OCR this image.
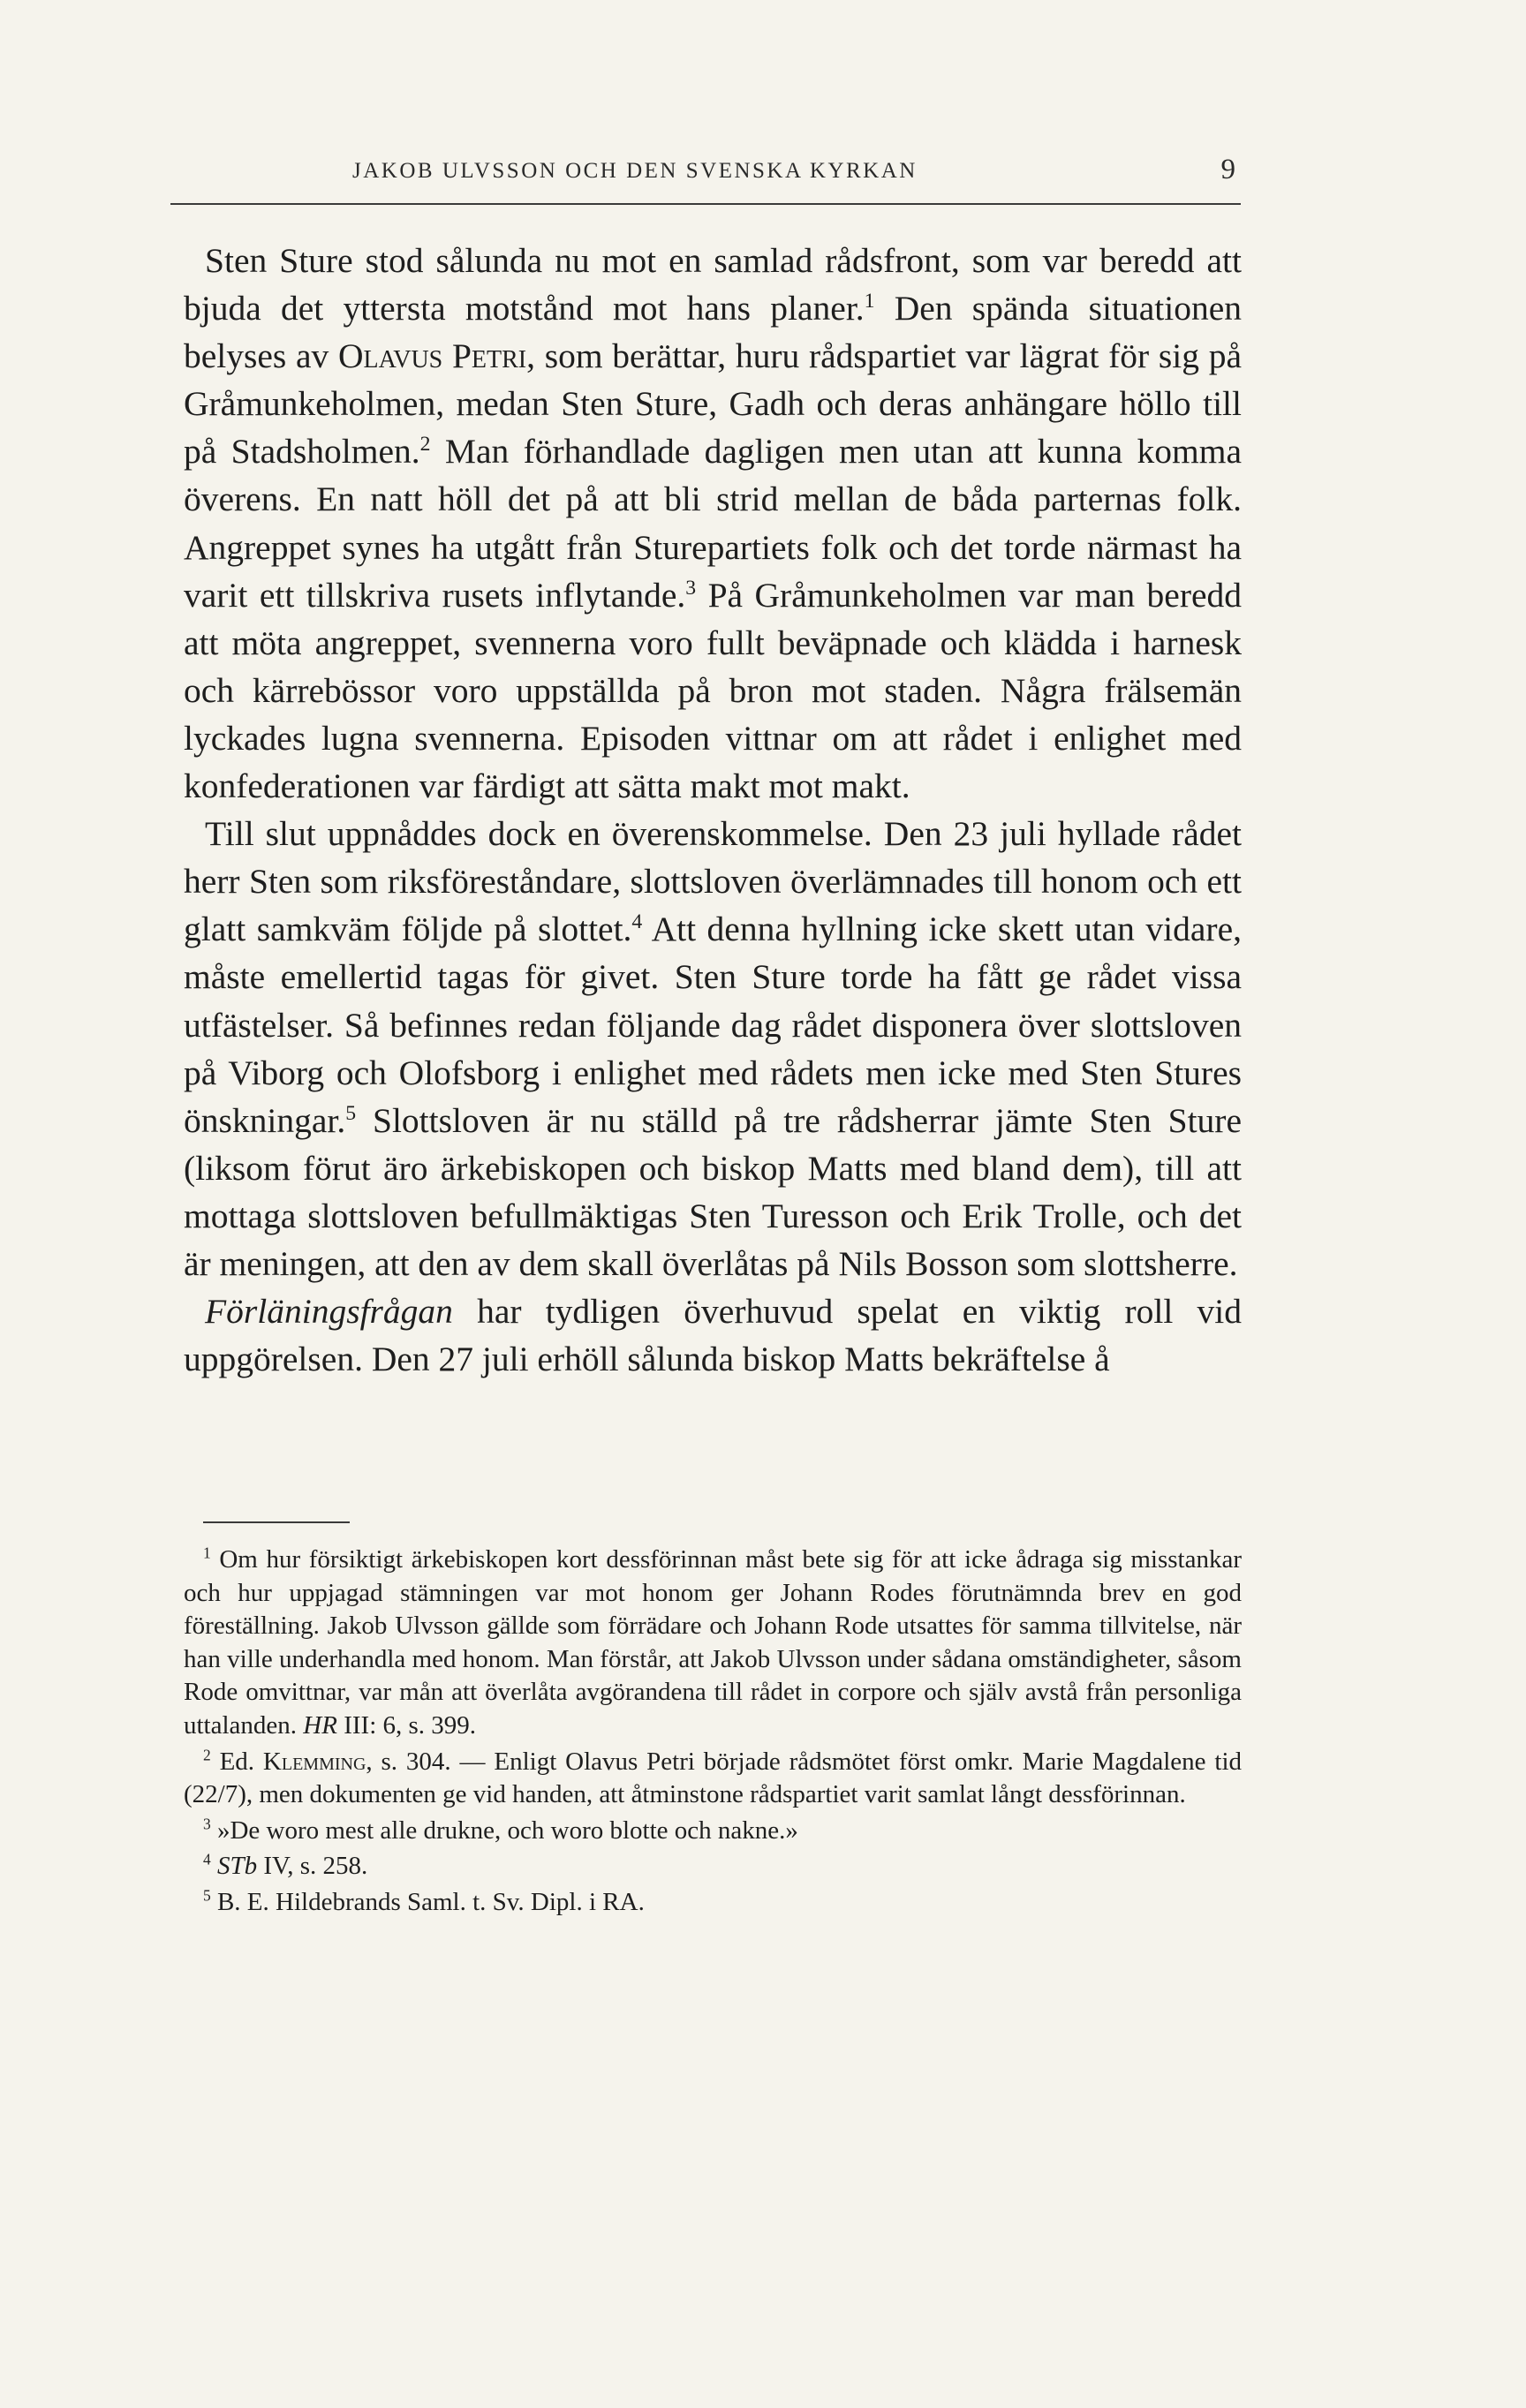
JAKOB ULVSSON OCH DEN SVENSKA KYRKAN	9

Sten Sture stod sålunda nu mot en samlad rådsfront, som var beredd att bjuda det yttersta motstånd mot hans planer.$^1$ Den spända situationen belyses av Olavus Petri, som berättar, huru rådspartiet var lägrat för sig på Gråmunkeholmen, medan Sten Sture, Gadh och deras anhängare höllo till på Stadsholmen.$^2$ Man förhandlade dagligen men utan att kunna komma överens. En natt höll det på att bli strid mellan de båda parternas folk. Angreppet synes ha utgått från Sturepartiets folk och det torde närmast ha varit ett tillskriva rusets inflytande.$^3$ På Gråmunkeholmen var man beredd att möta angreppet, svennerna voro fullt beväpnade och klädda i harnesk och kärrebössor voro uppställda på bron mot staden. Några frälsemän lyckades lugna svennerna. Episoden vittnar om att rådet i enlighet med konfederationen var färdigt att sätta makt mot makt.

Till slut uppnåddes dock en överenskommelse. Den 23 juli hyllade rådet herr Sten som riksföreståndare, slottsloven överlämnades till honom och ett glatt samkväm följde på slottet.$^4$ Att denna hyllning icke skett utan vidare, måste emellertid tagas för givet. Sten Sture torde ha fått ge rådet vissa utfästelser. Så befinnes redan följande dag rådet disponera över slottsloven på Viborg och Olofsborg i enlighet med rådets men icke med Sten Stures önskningar.$^5$ Slottsloven är nu ställd på tre rådsherrar jämte Sten Sture (liksom förut äro ärkebiskopen och biskop Matts med bland dem), till att mottaga slottsloven befullmäktigas Sten Turesson och Erik Trolle, och det är meningen, att den av dem skall överlåtas på Nils Bosson som slottsherre.

Förläningsfrågan har tydligen överhuvud spelat en viktig roll vid uppgörelsen. Den 27 juli erhöll sålunda biskop Matts bekräftelse å

$^1$ Om hur försiktigt ärkebiskopen kort dessförinnan måst bete sig för att icke ådraga sig misstankar och hur uppjagad stämningen var mot honom ger Johann Rodes förutnämnda brev en god föreställning. Jakob Ulvsson gällde som förrädare och Johann Rode utsattes för samma tillvitelse, när han ville underhandla med honom. Man förstår, att Jakob Ulvsson under sådana omständigheter, såsom Rode omvittnar, var mån att överlåta avgörandena till rådet in corpore och själv avstå från personliga uttalanden. HR III: 6, s. 399.

$^2$ Ed. Klemming, s. 304. — Enligt Olavus Petri började rådsmötet först omkr. Marie Magdalene tid (22/7), men dokumenten ge vid handen, att åtminstone rådspartiet varit samlat långt dessförinnan.

$^3$ »De woro mest alle drukne, och woro blotte och nakne.»

$^4$ STb IV, s. 258.

$^5$ B. E. Hildebrands Saml. t. Sv. Dipl. i RA.
